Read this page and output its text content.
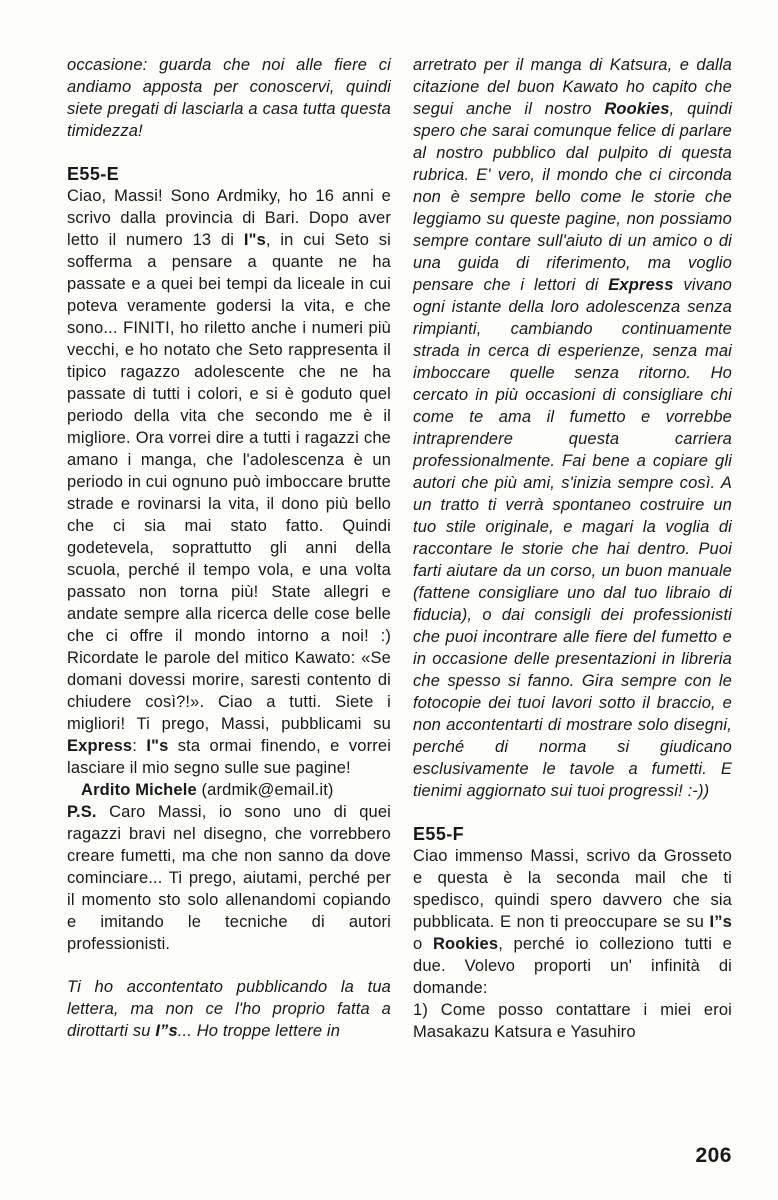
occasione: guarda che noi alle fiere ci andiamo apposta per conoscervi, quindi siete pregati di lasciarla a casa tutta questa timidezza!

E55-E

Ciao, Massi! Sono Ardmiky, ho 16 anni e scrivo dalla provincia di Bari. Dopo aver letto il numero 13 di I"s, in cui Seto si sofferma a pensare a quante ne ha passate e a quei bei tempi da liceale in cui poteva veramente godersi la vita, e che sono... FINITI, ho riletto anche i numeri più vecchi, e ho notato che Seto rappresenta il tipico ragazzo adolescente che ne ha passate di tutti i colori, e si è goduto quel periodo della vita che secondo me è il migliore. Ora vorrei dire a tutti i ragazzi che amano i manga, che l'adolescenza è un periodo in cui ognuno può imboccare brutte strade e rovinarsi la vita, il dono più bello che ci sia mai stato fatto. Quindi godetevela, soprattutto gli anni della scuola, perché il tempo vola, e una volta passato non torna più! State allegri e andate sempre alla ricerca delle cose belle che ci offre il mondo intorno a noi! :) Ricordate le parole del mitico Kawato: «Se domani dovessi morire, saresti contento di chiudere così?!». Ciao a tutti. Siete i migliori! Ti prego, Massi, pubblicami su Express: I"s sta ormai finendo, e vorrei lasciare il mio segno sulle sue pagine!

Ardito Michele (ardmik@email.it)

P.S. Caro Massi, io sono uno di quei ragazzi bravi nel disegno, che vorrebbero creare fumetti, ma che non sanno da dove cominciare... Ti prego, aiutami, perché per il momento sto solo allenandomi copiando e imitando le tecniche di autori professionisti.

Ti ho accontentato pubblicando la tua lettera, ma non ce l'ho proprio fatta a dirottarti su I”s... Ho troppe lettere in

arretrato per il manga di Katsura, e dalla citazione del buon Kawato ho capito che segui anche il nostro Rookies, quindi spero che sarai comunque felice di parlare al nostro pubblico dal pulpito di questa rubrica. E' vero, il mondo che ci circonda non è sempre bello come le storie che leggiamo su queste pagine, non possiamo sempre contare sull'aiuto di un amico o di una guida di riferimento, ma voglio pensare che i lettori di Express vivano ogni istante della loro adolescenza senza rimpianti, cambiando continuamente strada in cerca di esperienze, senza mai imboccare quelle senza ritorno. Ho cercato in più occasioni di consigliare chi come te ama il fumetto e vorrebbe intraprendere questa carriera professionalmente. Fai bene a copiare gli autori che più ami, s'inizia sempre così. A un tratto ti verrà spontaneo costruire un tuo stile originale, e magari la voglia di raccontare le storie che hai dentro. Puoi farti aiutare da un corso, un buon manuale (fattene consigliare uno dal tuo libraio di fiducia), o dai consigli dei professionisti che puoi incontrare alle fiere del fumetto e in occasione delle presentazioni in libreria che spesso si fanno. Gira sempre con le fotocopie dei tuoi lavori sotto il braccio, e non accontentarti di mostrare solo disegni, perché di norma si giudicano esclusivamente le tavole a fumetti. E tienimi aggiornato sui tuoi progressi! :-))

E55-F

Ciao immenso Massi, scrivo da Grosseto e questa è la seconda mail che ti spedisco, quindi spero davvero che sia pubblicata. E non ti preoccupare se su I”s o Rookies, perché io colleziono tutti e due. Volevo proporti un' infinità di domande:

1) Come posso contattare i miei eroi Masakazu Katsura e Yasuhiro

206
